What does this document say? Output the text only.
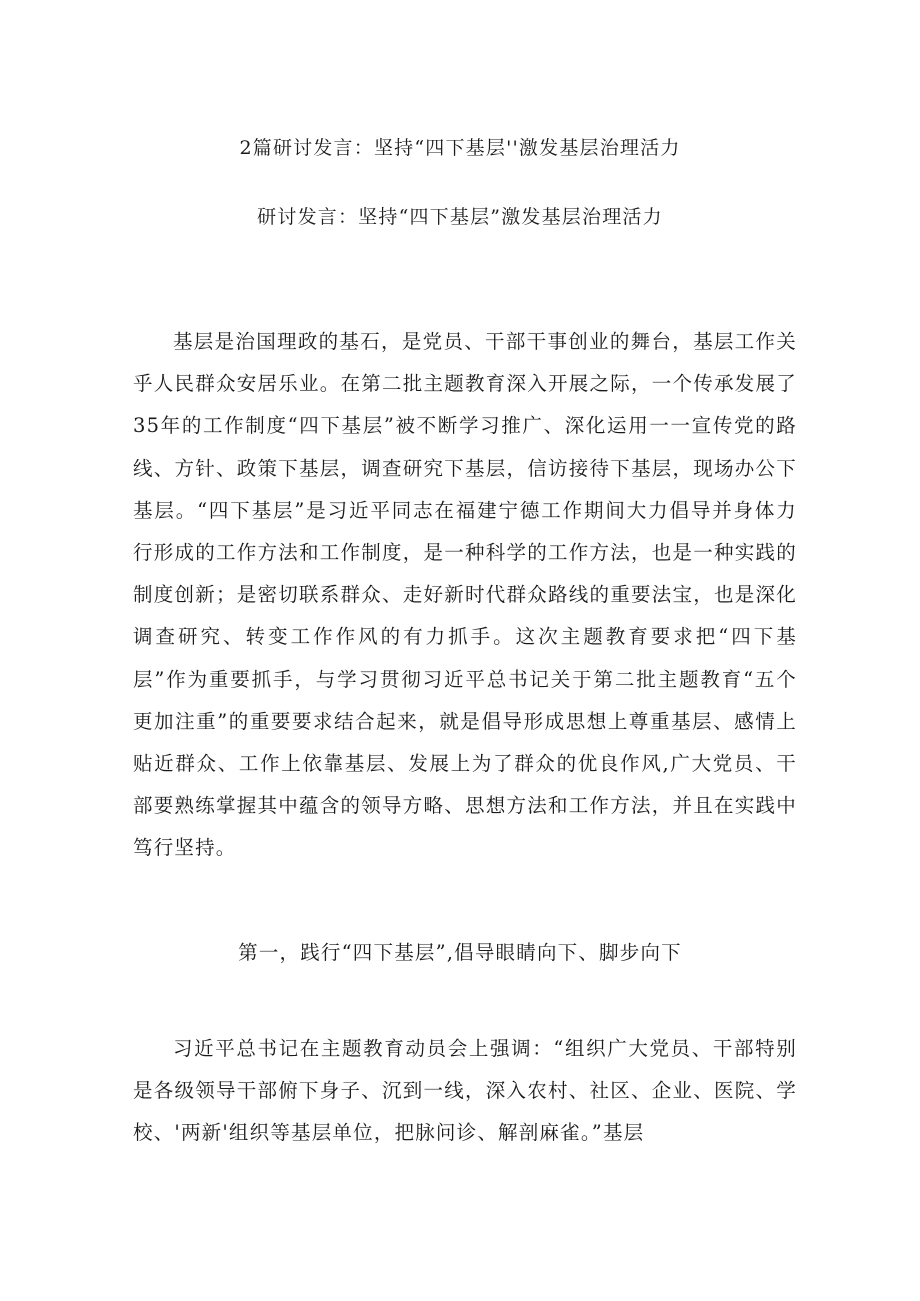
2篇研讨发言：坚持“四下基层''激发基层治理活力
研讨发言：坚持“四下基层”激发基层治理活力

基层是治国理政的基石，是党员、干部干事创业的舞台，基层工作关乎人民群众安居乐业。在第二批主题教育深入开展之际，一个传承发展了35年的工作制度“四下基层”被不断学习推广、深化运用一一宣传党的路线、方针、政策下基层，调查研究下基层，信访接待下基层，现场办公下基层。“四下基层”是习近平同志在福建宁德工作期间大力倡导并身体力行形成的工作方法和工作制度，是一种科学的工作方法，也是一种实践的制度创新；是密切联系群众、走好新时代群众路线的重要法宝，也是深化调查研究、转变工作作风的有力抓手。这次主题教育要求把“四下基层”作为重要抓手，与学习贯彻习近平总书记关于第二批主题教育“五个更加注重”的重要要求结合起来，就是倡导形成思想上尊重基层、感情上贴近群众、工作上依靠基层、发展上为了群众的优良作风,广大党员、干部要熟练掌握其中蕴含的领导方略、思想方法和工作方法，并且在实践中笃行坚持。

第一，践行“四下基层”,倡导眼睛向下、脚步向下

习近平总书记在主题教育动员会上强调：“组织广大党员、干部特别是各级领导干部俯下身子、沉到一线，深入农村、社区、企业、医院、学校、'两新'组织等基层单位，把脉问诊、解剖麻雀。”基层
